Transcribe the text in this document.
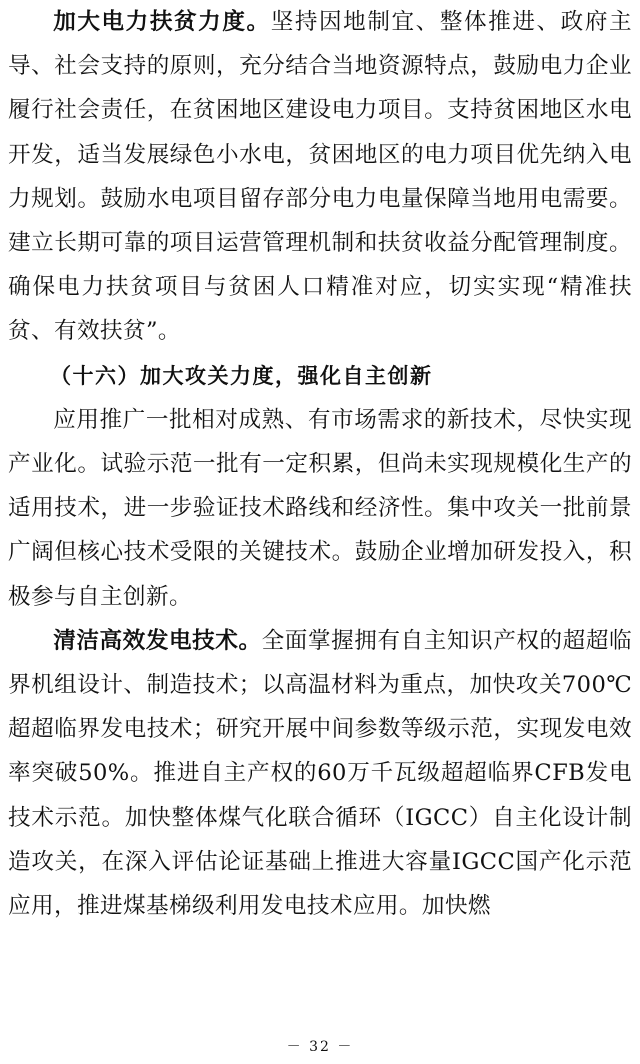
加大电力扶贫力度。坚持因地制宜、整体推进、政府主导、社会支持的原则，充分结合当地资源特点，鼓励电力企业履行社会责任，在贫困地区建设电力项目。支持贫困地区水电开发，适当发展绿色小水电，贫困地区的电力项目优先纳入电力规划。鼓励水电项目留存部分电力电量保障当地用电需要。建立长期可靠的项目运营管理机制和扶贫收益分配管理制度。确保电力扶贫项目与贫困人口精准对应，切实实现“精准扶贫、有效扶贫”。

（十六）加大攻关力度，强化自主创新

应用推广一批相对成熟、有市场需求的新技术，尽快实现产业化。试验示范一批有一定积累，但尚未实现规模化生产的适用技术，进一步验证技术路线和经济性。集中攻关一批前景广阔但核心技术受限的关键技术。鼓励企业增加研发投入，积极参与自主创新。

清洁高效发电技术。全面掌握拥有自主知识产权的超超临界机组设计、制造技术；以高温材料为重点，加快攻关700℃超超临界发电技术；研究开展中间参数等级示范，实现发电效率突破50%。推进自主产权的60万千瓦级超超临界CFB发电技术示范。加快整体煤气化联合循环（IGCC）自主化设计制造攻关，在深入评估论证基础上推进大容量IGCC国产化示范应用，推进煤基梯级利用发电技术应用。加快燃

－ 32 －
